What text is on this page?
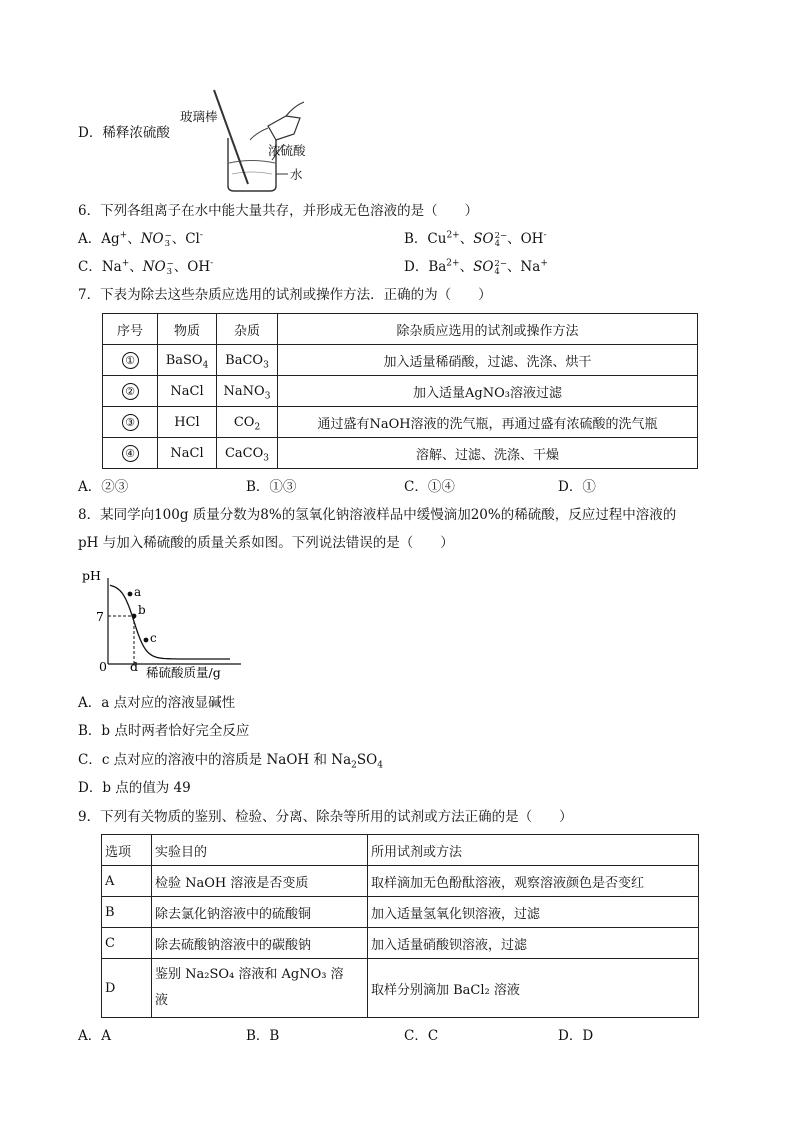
D．稀释浓硫酸
玻璃棒
浓硫酸
水
6．下列各组离子在水中能大量共存，并形成无色溶液的是（　　）
A．Ag+、NO−
3 、Cl-	B．$Cu^{2+}$、SO2−
4 、OH-
C．Na+、NO−
3 、OH-	D．$Ba^{2+}$、SO2−
4 、Na+
7．下表为除去这些杂质应选用的试剂或操作方法．正确的为（　　）
序号	物质	杂质	除杂质应选用的试剂或操作方法
①	BaSO$_4$	BaCO$_3$	加入适量稀硝酸，过滤、洗涤、烘干
②	NaCl	NaNO$_3$	加入适量AgNO₃溶液过滤
③	HCl	$CO_2$	通过盛有NaOH溶液的洗气瓶，再通过盛有浓硫酸的洗气瓶
④	NaCl	CaCO$_3$	溶解、过滤、洗涤、干燥
A．②③	B．①③	C．①④	D．①
8．某同学向100g 质量分数为8%的氢氧化钠溶液样品中缓慢滴加20%的稀硫酸，反应过程中溶液的
pH 与加入稀硫酸的质量关系如图。下列说法错误的是（　　）
pH
7
0 d
a
b
c
稀硫酸质量/g
A．a 点对应的溶液显碱性
B．b 点时两者恰好完全反应
C．c 点对应的溶液中的溶质是 NaOH 和 $Na_2SO_4$
D．b 点的值为 49
9．下列有关物质的鉴别、检验、分离、除杂等所用的试剂或方法正确的是（　　）
选项	实验目的	所用试剂或方法
A	检验 NaOH 溶液是否变质	取样滴加无色酚酞溶液，观察溶液颜色是否变红
B	除去氯化钠溶液中的硫酸铜	加入适量氢氧化钡溶液，过滤
C	除去硫酸钠溶液中的碳酸钠	加入适量硝酸钡溶液，过滤
D	鉴别 Na₂SO₄ 溶液和 AgNO₃ 溶
液	取样分别滴加 BaCl₂ 溶液
A．A	B．B	C．C	D．D
